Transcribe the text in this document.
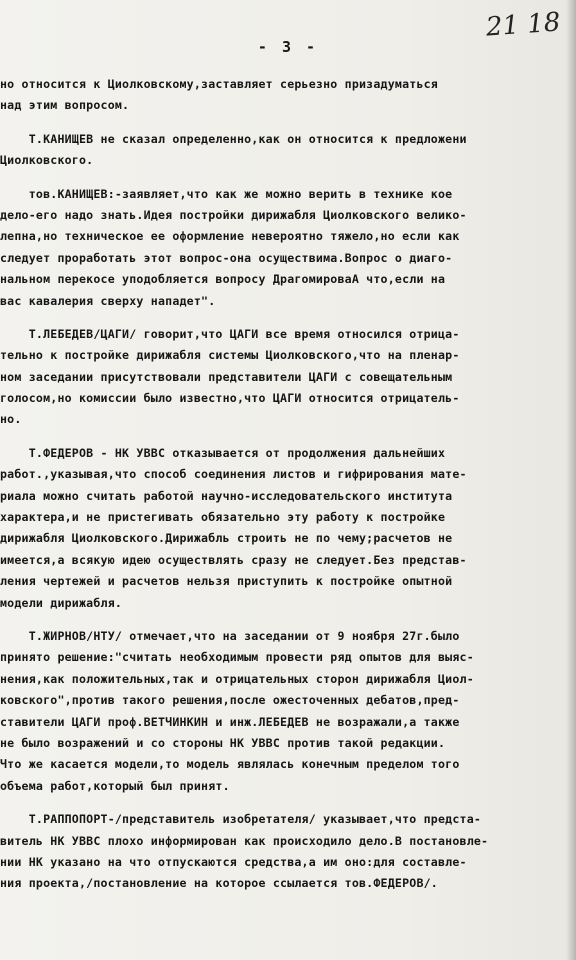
- 3 -
21 18
но относится к Циолковскому,заставляет серьезно призадуматься
над этим вопросом.
Т.КАНИЩЕВ не сказал определенно,как он относится к предложени
Циолковского.
тов.КАНИЩЕВ:-заявляет,что как же можно верить в технике кое
дело-его надо знать.Идея постройки дирижабля Циолковского велико-
лепна,но техническое ее оформление невероятно тяжело,но если как
следует проработать этот вопрос-она осуществима.Вопрос о диаго-
нальном перекосе уподобляется вопросу ДрагомироваА что,если на
вас кавалерия сверху нападет".
Т.ЛЕБЕДЕВ/ЦАГИ/ говорит,что ЦАГИ все время относился отрица-
тельно к постройке дирижабля системы Циолковского,что на пленар-
ном заседании присутствовали представители ЦАГИ с совещательным
голосом,но комиссии было известно,что ЦАГИ относится отрицатель-
но.
Т.ФЕДЕРОВ - НК УВВС отказывается от продолжения дальнейших
работ.,указывая,что способ соединения листов и гифрирования мате-
риала можно считать работой научно-исследовательского института
характера,и не пристегивать обязательно эту работу к постройке
дирижабля Циолковского.Дирижабль строить не по чему;расчетов не
имеется,а всякую идею осуществлять сразу не следует.Без представ-
ления чертежей и расчетов нельзя приступить к постройке опытной
модели дирижабля.
Т.ЖИРНОВ/НТУ/ отмечает,что на заседании от 9 ноября 27г.было
принято решение:"считать необходимым провести ряд опытов для выяс-
нения,как положительных,так и отрицательных сторон дирижабля Циол-
ковского",против такого решения,после ожесточенных дебатов,пред-
ставители ЦАГИ проф.ВЕТЧИНКИН и инж.ЛЕБЕДЕВ не возражали,а также
не было возражений и со стороны НК УВВС против такой редакции.
Что же касается модели,то модель являлась конечным пределом того
объема работ,который был принят.
Т.РАППОПОРТ-/представитель изобретателя/ указывает,что предста-
витель НК УВВС плохо информирован как происходило дело.В постановле-
нии НК указано на что отпускаются средства,а им оно:для составле-
ния проекта,/постановление на которое ссылается тов.ФЕДЕРОВ/.
